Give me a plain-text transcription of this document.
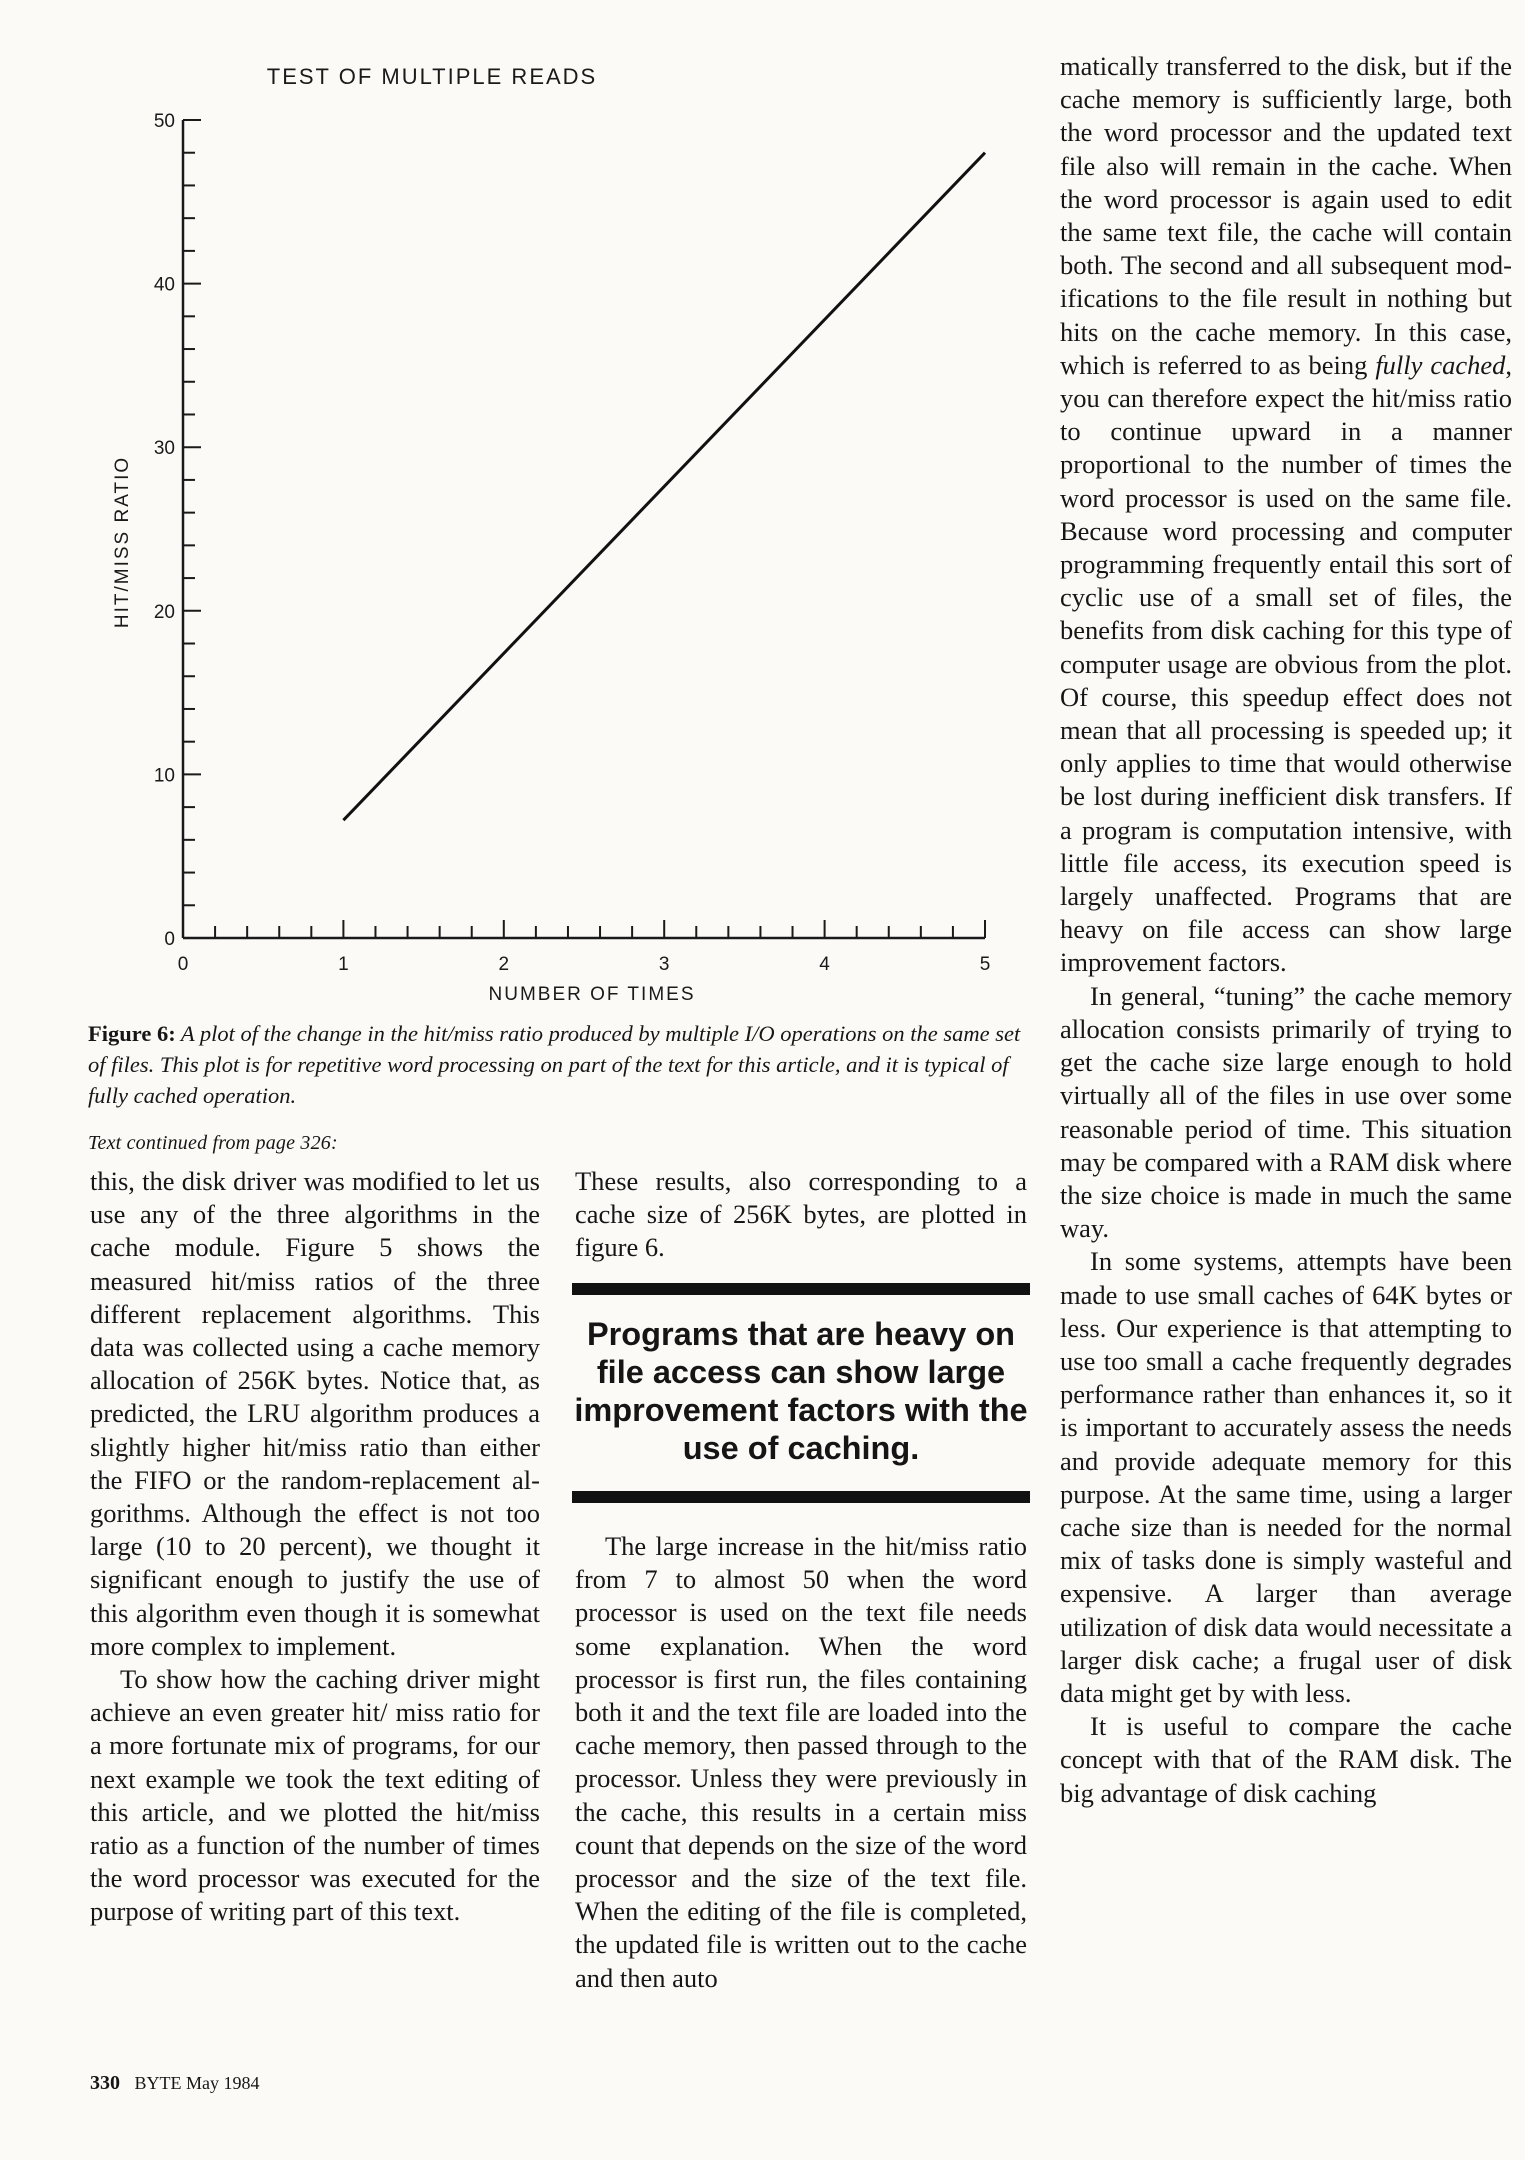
TEST OF MULTIPLE READS
NUMBER OF TIMES
HIT/MISS RATIO
0	1	2	3	4	5
0
10
20
30
40
50

Figure 6: A plot of the change in the hit/miss ratio produced by multiple I/O operations on the same set of files. This plot is for repetitive word processing on part of the text for this article, and it is typical of fully cached operation.

Text continued from page 326:

this, the disk driver was modified to let us use any of the three algorithms in the cache module. Figure 5 shows the measured hit/miss ratios of the three different replacement algorithms. This data was collected using a cache memory allocation of 256K bytes. Notice that, as predicted, the LRU algorithm produces a slightly higher hit/miss ratio than either the FIFO or the random-replacement algorithms. Although the effect is not too large (10 to 20 percent), we thought it significant enough to justify the use of this algorithm even though it is somewhat more complex to implement.

To show how the caching driver might achieve an even greater hit/ miss ratio for a more fortunate mix of programs, for our next example we took the text editing of this article, and we plotted the hit/miss ratio as a function of the number of times the word processor was executed for the purpose of writing part of this text.

These results, also corresponding to a cache size of 256K bytes, are plotted in figure 6.

Programs that are heavy on file access can show large improvement factors with the use of caching.

The large increase in the hit/miss ratio from 7 to almost 50 when the word processor is used on the text file needs some explanation. When the word processor is first run, the files containing both it and the text file are loaded into the cache memory, then passed through to the processor. Unless they were previously in the cache, this results in a certain miss count that depends on the size of the word processor and the size of the text file. When the editing of the file is completed, the updated file is written out to the cache and then auto

matically transferred to the disk, but if the cache memory is sufficiently large, both the word processor and the updated text file also will remain in the cache. When the word processor is again used to edit the same text file, the cache will contain both. The second and all subsequent modifications to the file result in nothing but hits on the cache memory. In this case, which is referred to as being fully cached, you can therefore expect the hit/miss ratio to continue upward in a manner proportional to the number of times the word processor is used on the same file. Because word processing and computer programming frequently entail this sort of cyclic use of a small set of files, the benefits from disk caching for this type of computer usage are obvious from the plot. Of course, this speedup effect does not mean that all processing is speeded up; it only applies to time that would otherwise be lost during inefficient disk transfers. If a program is computation intensive, with little file access, its execution speed is largely unaffected. Programs that are heavy on file access can show large improvement factors.

In general, “tuning” the cache memory allocation consists primarily of trying to get the cache size large enough to hold virtually all of the files in use over some reasonable period of time. This situation may be compared with a RAM disk where the size choice is made in much the same way.

In some systems, attempts have been made to use small caches of 64K bytes or less. Our experience is that attempting to use too small a cache frequently degrades performance rather than enhances it, so it is important to accurately assess the needs and provide adequate memory for this purpose. At the same time, using a larger cache size than is needed for the normal mix of tasks done is simply wasteful and expensive. A larger than average utilization of disk data would necessitate a larger disk cache; a frugal user of disk data might get by with less.

It is useful to compare the cache concept with that of the RAM disk. The big advantage of disk caching

330 BYTE May 1984
